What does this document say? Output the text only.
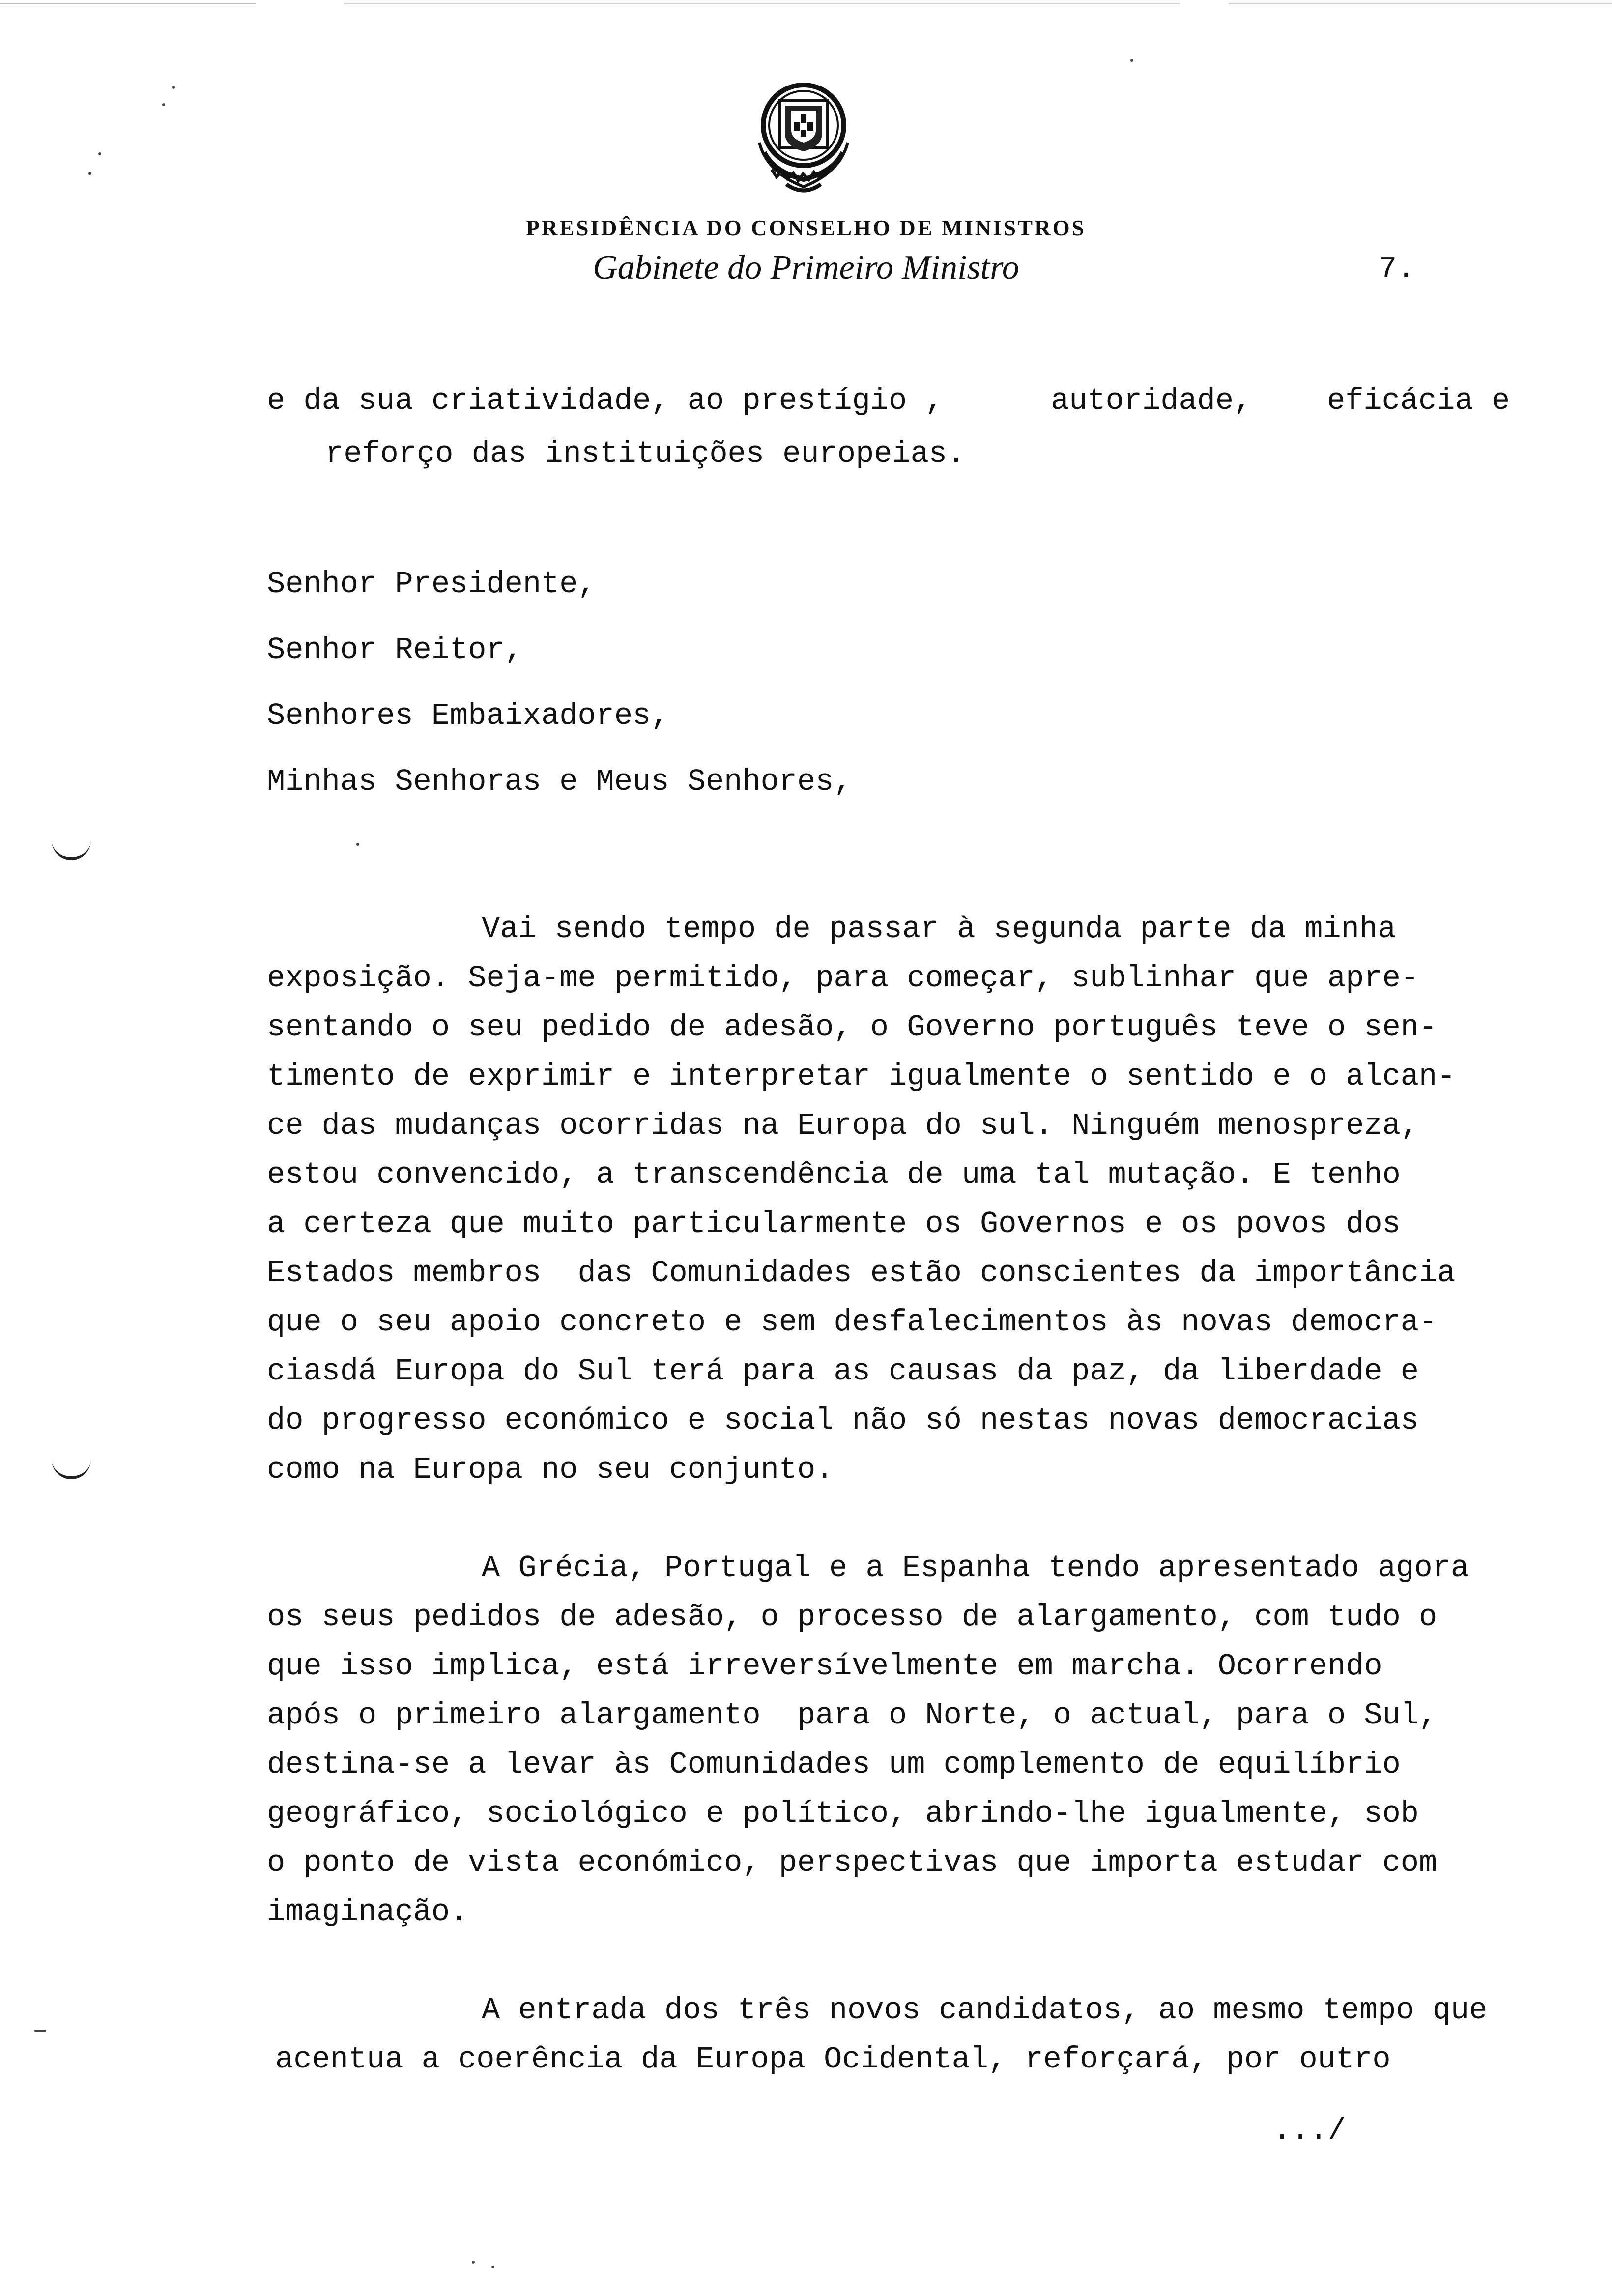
PRESIDÊNCIA DO CONSELHO DE MINISTROS
Gabinete do Primeiro Ministro	7.
e da sua criatividade, ao prestígio ,	autoridade, eficácia e
reforço das instituições europeias.
Senhor Presidente,
Senhor Reitor,
Senhores Embaixadores,
Minhas Senhoras e Meus Senhores,
Vai sendo tempo de passar à segunda parte da minha
exposição. Seja-me permitido, para começar, sublinhar que apre-
sentando o seu pedido de adesão, o Governo português teve o sen-
timento de exprimir e interpretar igualmente o sentido e o alcan-
ce das mudanças ocorridas na Europa do sul. Ninguém menospreza,
estou convencido, a transcendência de uma tal mutação. E tenho
a certeza que muito particularmente os Governos e os povos dos
Estados membros  das Comunidades estão conscientes da importância
que o seu apoio concreto e sem desfalecimentos às novas democra-
ciasdá Europa do Sul terá para as causas da paz, da liberdade e
do progresso económico e social não só nestas novas democracias
como na Europa no seu conjunto.
A Grécia, Portugal e a Espanha tendo apresentado agora
os seus pedidos de adesão, o processo de alargamento, com tudo o
que isso implica, está irreversívelmente em marcha. Ocorrendo
após o primeiro alargamento  para o Norte, o actual, para o Sul,
destina-se a levar às Comunidades um complemento de equilíbrio
geográfico, sociológico e político, abrindo-lhe igualmente, sob
o ponto de vista económico, perspectivas que importa estudar com
imaginação.
A entrada dos três novos candidatos, ao mesmo tempo que
acentua a coerência da Europa Ocidental, reforçará, por outro
.../
